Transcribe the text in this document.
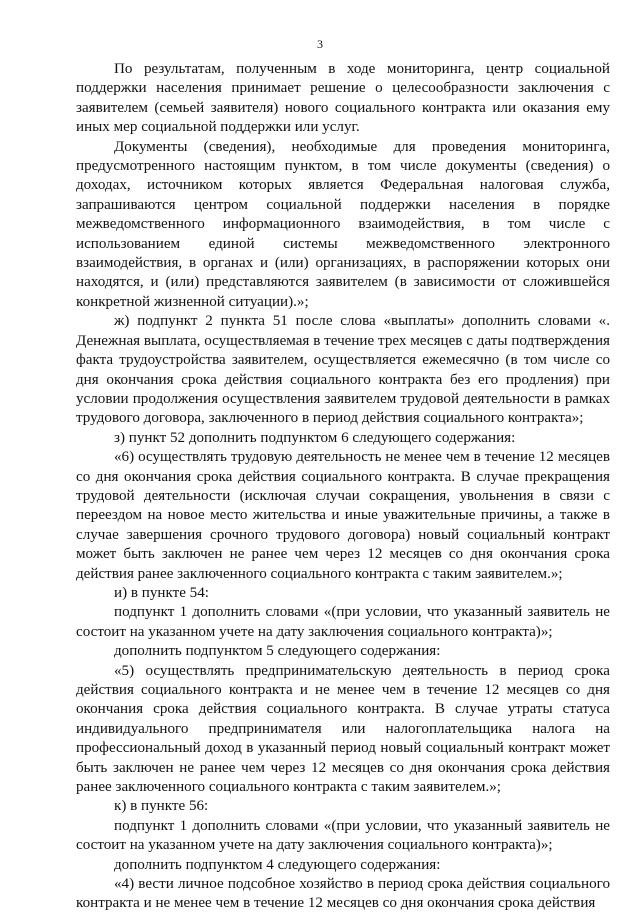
3

По результатам, полученным в ходе мониторинга, центр социальной поддержки населения принимает решение о целесообразности заключения с заявителем (семьей заявителя) нового социального контракта или оказания ему иных мер социальной поддержки или услуг.

Документы (сведения), необходимые для проведения мониторинга, предусмотренного настоящим пунктом, в том числе документы (сведения) о доходах, источником которых является Федеральная налоговая служба, запрашиваются центром социальной поддержки населения в порядке межведомственного информационного взаимодействия, в том числе с использованием единой системы межведомственного электронного взаимодействия, в органах и (или) организациях, в распоряжении которых они находятся, и (или) представляются заявителем (в зависимости от сложившейся конкретной жизненной ситуации).»;

ж) подпункт 2 пункта 51 после слова «выплаты» дополнить словами «. Денежная выплата, осуществляемая в течение трех месяцев с даты подтверждения факта трудоустройства заявителем, осуществляется ежемесячно (в том числе со дня окончания срока действия социального контракта без его продления) при условии продолжения осуществления заявителем трудовой деятельности в рамках трудового договора, заключенного в период действия социального контракта»;

з) пункт 52 дополнить подпунктом 6 следующего содержания:

«6) осуществлять трудовую деятельность не менее чем в течение 12 месяцев со дня окончания срока действия социального контракта. В случае прекращения трудовой деятельности (исключая случаи сокращения, увольнения в связи с переездом на новое место жительства и иные уважительные причины, а также в случае завершения срочного трудового договора) новый социальный контракт может быть заключен не ранее чем через 12 месяцев со дня окончания срока действия ранее заключенного социального контракта с таким заявителем.»;

и) в пункте 54:

подпункт 1 дополнить словами «(при условии, что указанный заявитель не состоит на указанном учете на дату заключения социального контракта)»;

дополнить подпунктом 5 следующего содержания:

«5) осуществлять предпринимательскую деятельность в период срока действия социального контракта и не менее чем в течение 12 месяцев со дня окончания срока действия социального контракта. В случае утраты статуса индивидуального предпринимателя или налогоплательщика налога на профессиональный доход в указанный период новый социальный контракт может быть заключен не ранее чем через 12 месяцев со дня окончания срока действия ранее заключенного социального контракта с таким заявителем.»;

к) в пункте 56:

подпункт 1 дополнить словами «(при условии, что указанный заявитель не состоит на указанном учете на дату заключения социального контракта)»;

дополнить подпунктом 4 следующего содержания:

«4) вести личное подсобное хозяйство в период срока действия социального контракта и не менее чем в течение 12 месяцев со дня окончания срока действия
